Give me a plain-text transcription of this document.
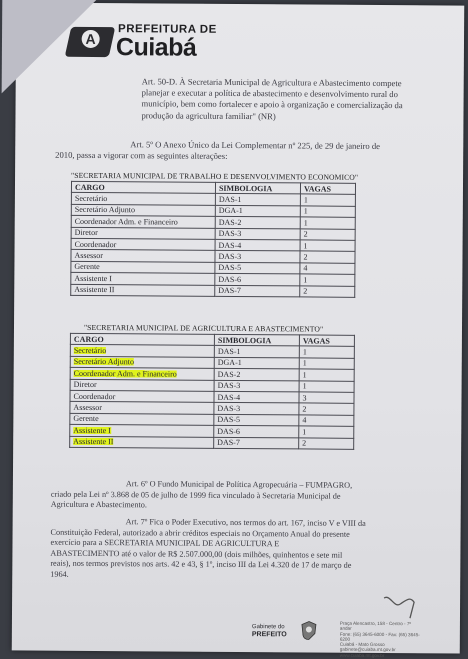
A
PREFEITURA DE
Cuiabá

Art. 50-D. À Secretaria Municipal de Agricultura e Abastecimento compete

planejar e executar a política de abastecimento e desenvolvimento rural do

município, bem como fortalecer e apoio à organização e comercialização da

produção da agricultura familiar" (NR)

Art. 5º O Anexo Único da Lei Complementar nº 225, de 29 de janeiro de

2010, passa a vigorar com as seguintes alterações:

"SECRETARIA MUNICIPAL DE TRABALHO E DESENVOLVIMENTO ECONOMICO"
CARGO	SIMBOLOGIA	VAGAS
Secretário	DAS-1	1
Secretário Adjunto	DGA-1	1
Coordenador Adm. e Financeiro	DAS-2	1
Diretor	DAS-3	2
Coordenador	DAS-4	1
Assessor	DAS-3	2
Gerente	DAS-5	4
Assistente I	DAS-6	1
Assistente II	DAS-7	2
"SECRETARIA MUNICIPAL DE AGRICULTURA E ABASTECIMENTO"
CARGO	SIMBOLOGIA	VAGAS
Secretário	DAS-1	1
Secretário Adjunto	DGA-1	1
Coordenador Adm. e Financeiro	DAS-2	1
Diretor	DAS-3	1
Coordenador	DAS-4	3
Assessor	DAS-3	2
Gerente	DAS-5	4
Assistente I	DAS-6	1
Assistente II	DAS-7	2

Art. 6º O Fundo Municipal de Política Agropecuária – FUMPAGRO,

criado pela Lei nº 3.868 de 05 de julho de 1999 fica vinculado à Secretaria Municipal de

Agricultura e Abastecimento.

Art. 7º Fica o Poder Executivo, nos termos do art. 167, inciso V e VIII da

Constituição Federal, autorizado a abrir créditos especiais no Orçamento Anual do presente

exercício para a SECRETARIA MUNICIPAL DE AGRICULTURA E

ABASTECIMENTO até o valor de R$ 2.507.000,00 (dois milhões, quinhentos e sete mil

reais), nos termos previstos nos arts. 42 e 43, § 1º, inciso III da Lei 4.320 de 17 de março de

1964.

Gabinete do
PREFEITO
Praça Alencastro, 158 - Centro - 7º andar
Fone: (65) 3645-6000 - Fax: (65) 3645-6200
Cuiabá - Mato Grosso
gabinete@cuiaba.mt.gov.br
www.cuiaba.mt.gov.br
